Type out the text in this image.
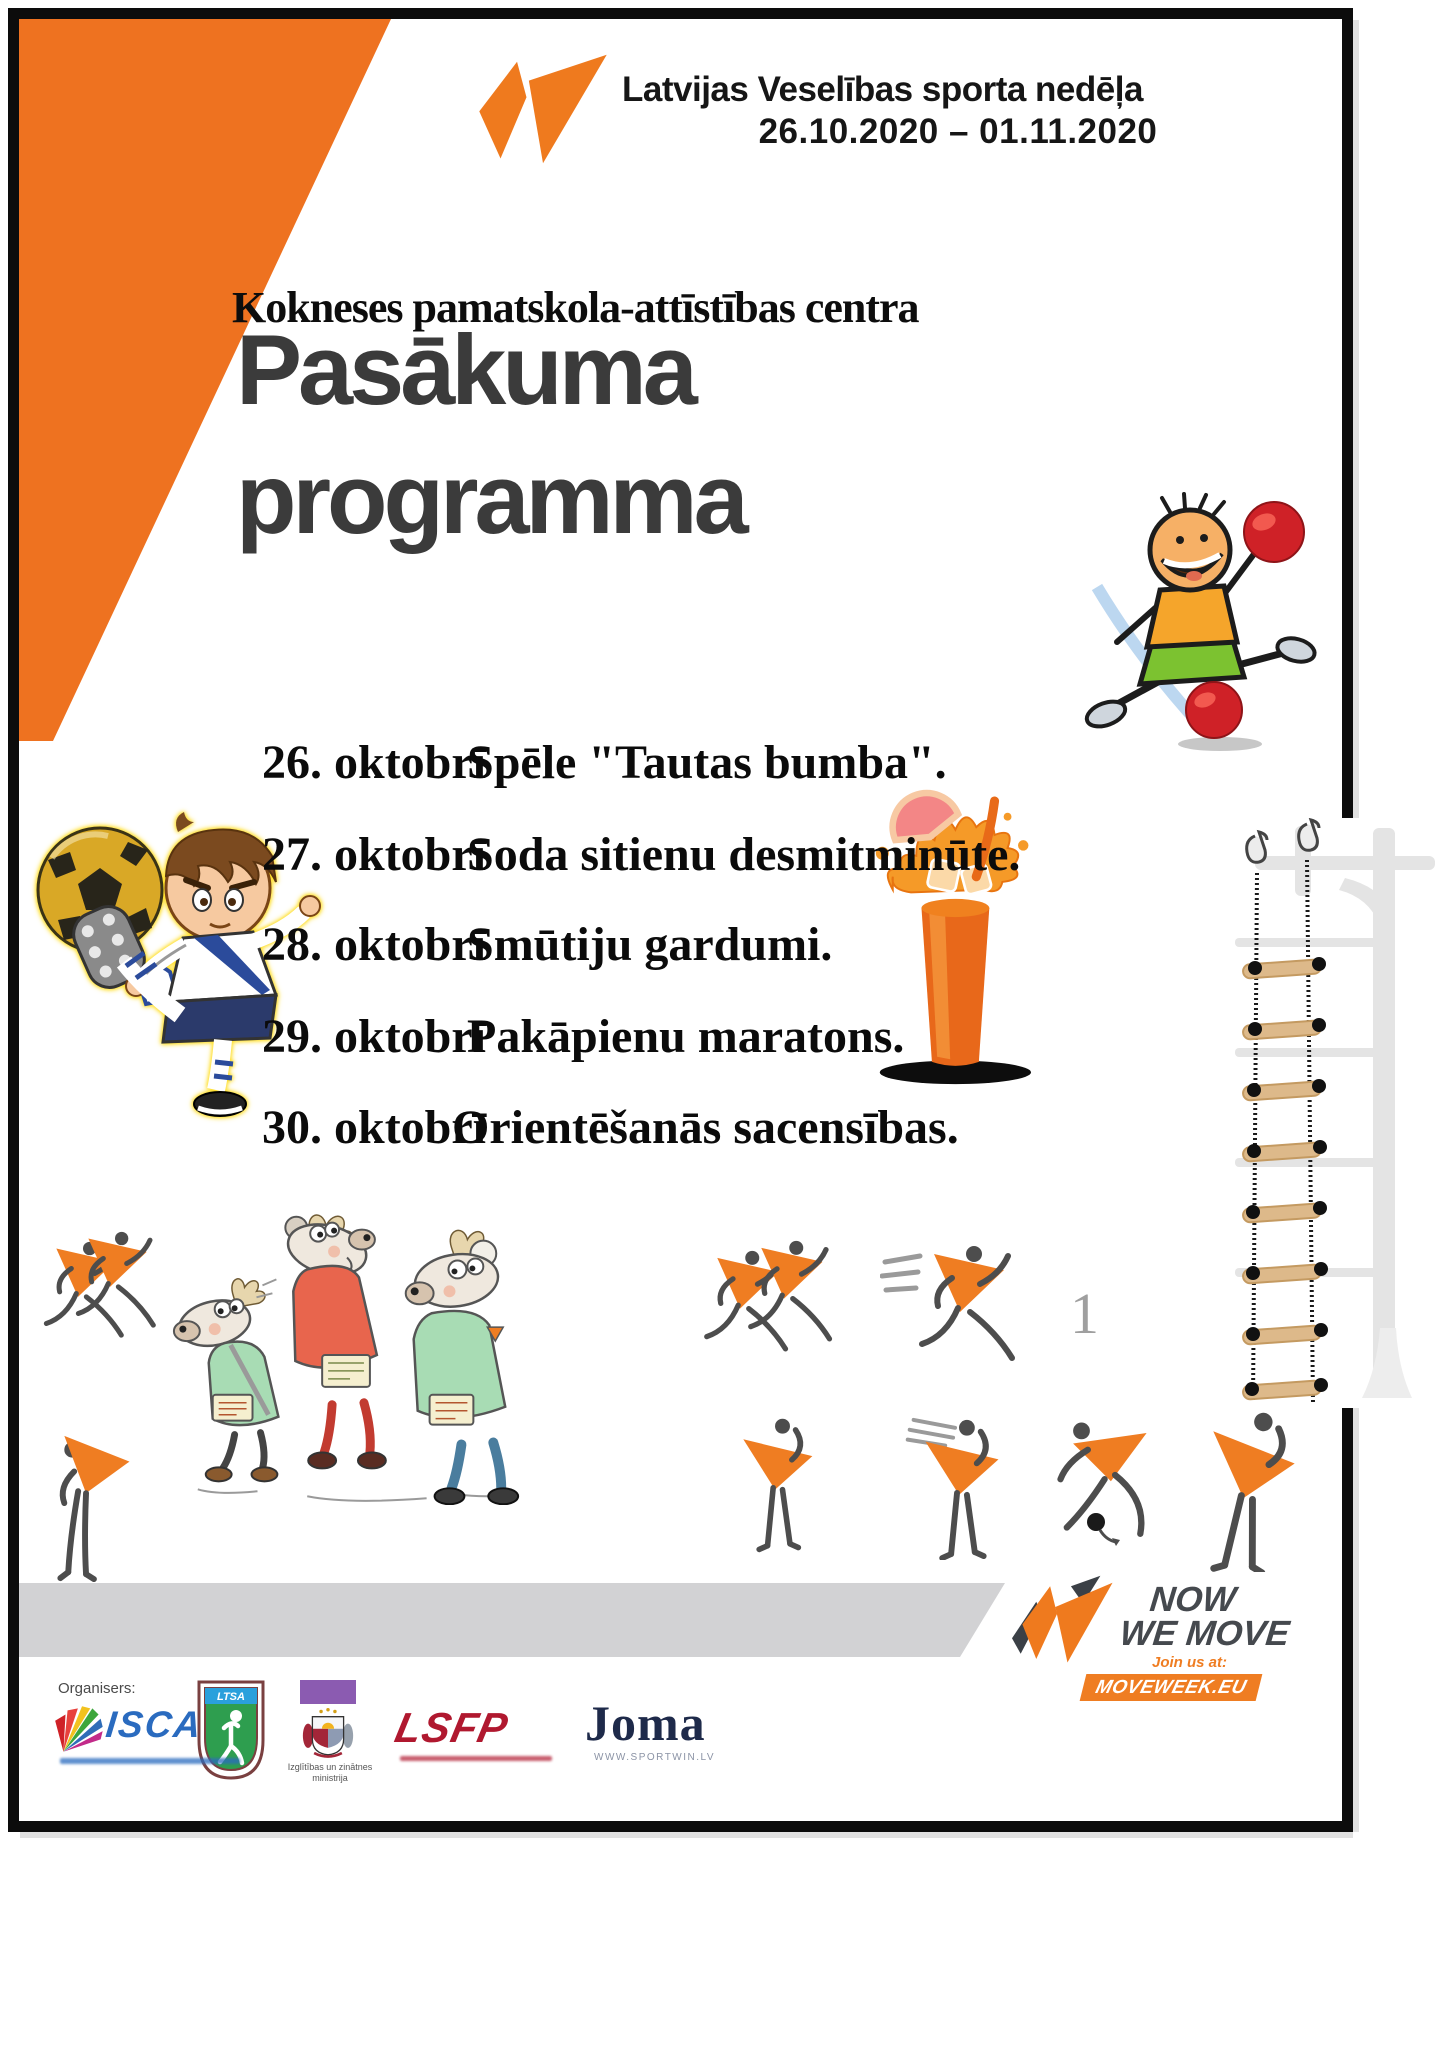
Latvijas Veselības sporta nedēļa
26.10.2020 – 01.11.2020
Kokneses pamatskola-attīstības centra
Pasākuma
programma
26. oktobrī
Spēle "Tautas bumba".
27. oktobrī
Soda sitienu desmitminūte.
28. oktobrī
Smūtiju gardumi.
29. oktobrī
Pakāpienu maratons.
30. oktobrī
Orientēšanās sacensības.
1
NOW
WE MOVE
Join us at:
MOVEWEEK.EU
Organisers:
ISCA
LTSA
Izglītības un zinātnes
ministrija
LSFP Joma
WWW.SPORTWIN.LV
